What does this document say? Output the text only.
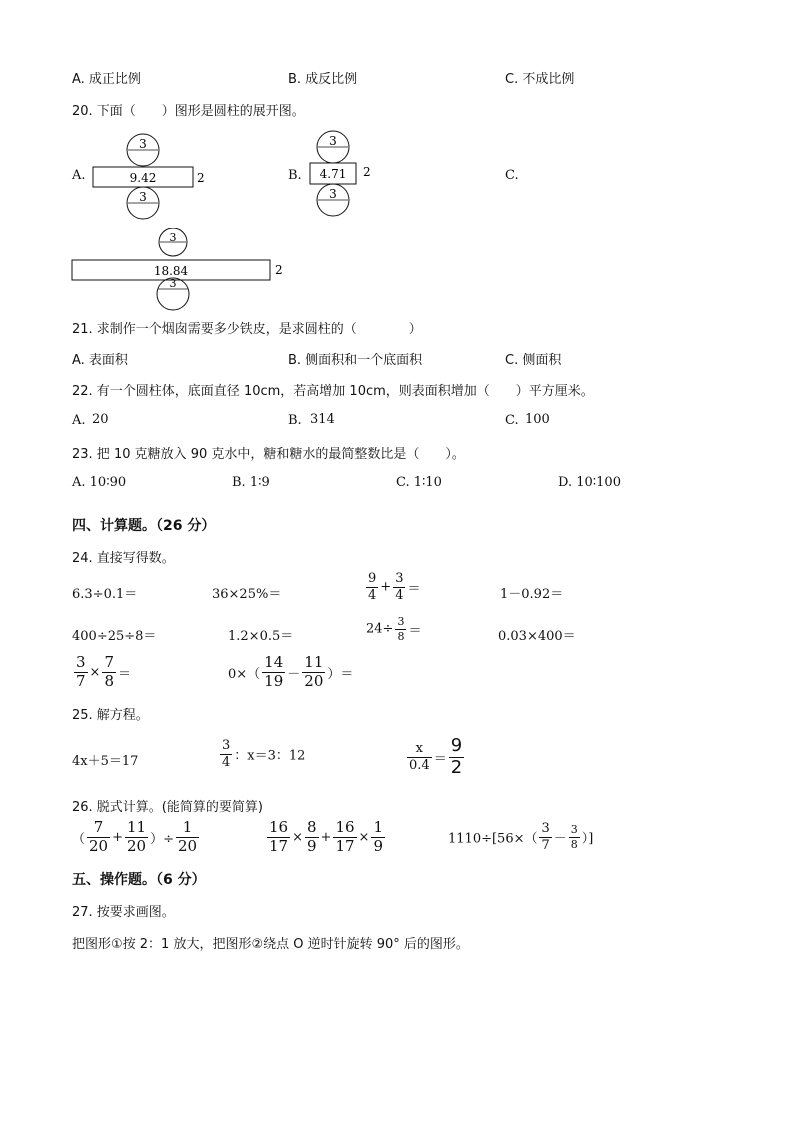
A. 成正比例	B. 成反比例	C. 不成比例
20. 下面（　　）图形是圆柱的展开图。
A.
3
9.42	2
3
B.
3
4.71 2
3
C.
3
18.84	2
3
21. 求制作一个烟囱需要多少铁皮，是求圆柱的（　　　　）
A. 表面积	B. 侧面积和一个底面积	C. 侧面积
22. 有一个圆柱体，底面直径 10cm，若高增加 10cm，则表面积增加（　　）平方厘米。
A. 20	B. 314	C. 100
23. 把 10 克糖放入 90 克水中，糖和糖水的最简整数比是（　　）。
A. 10∶90	B. 1∶9	C. 1∶10	D. 10∶100
四、计算题。（26 分）
24. 直接写得数。
6.3÷0.1＝	36×25%＝	$\frac{9}{4} + \frac{3}{4}$ ＝	1－0.92＝
400÷25÷8＝	1.2×0.5＝	$24\div \frac{3}{8}$ ＝	0.03×400＝
$\frac{3}{7} \times \frac{7}{8}$ ＝	$0\times( \frac{14}{19} - \frac{11}{20}$ ）＝
25. 解方程。
4x＋5＝17	$\frac{3}{4}$ ：x＝3：12	$\frac{x}{0.4} = \frac{9}{2}$
26. 脱式计算。(能简算的要简算)
（ $\frac{7}{20} + \frac{11}{20}$ ）÷ $\frac{1}{20}$	$\frac{16}{17} \times \frac{8}{9} + \frac{16}{17} \times \frac{1}{9}$	$1110\div[56\times( \frac{3}{7} - \frac{3}{8}$ ）]
五、操作题。（6 分）
27. 按要求画图。
把图形①按 2：1 放大，把图形②绕点 O 逆时针旋转 90° 后的图形。
